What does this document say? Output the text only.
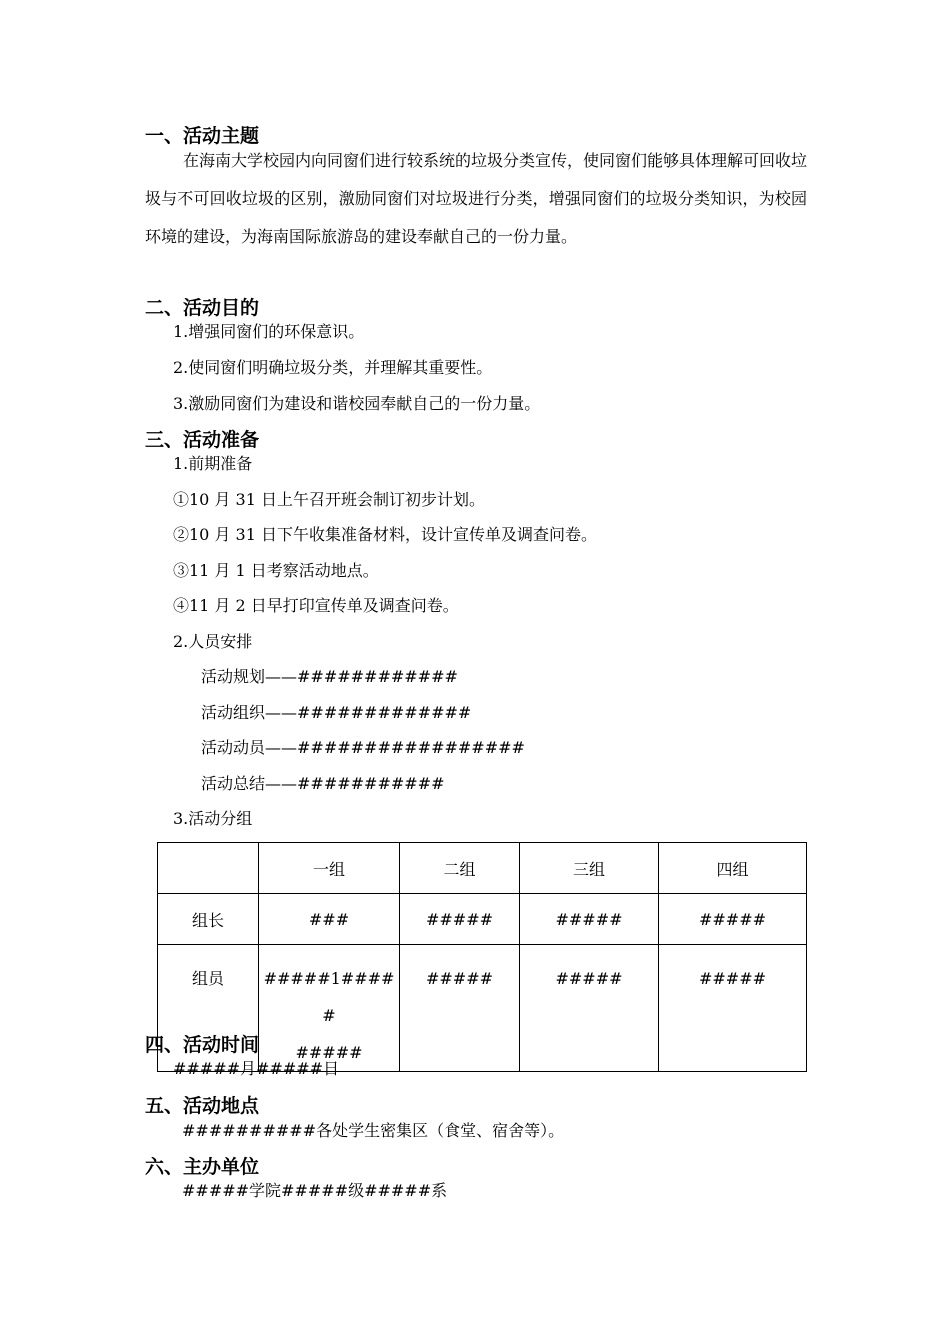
一、活动主题

在海南大学校园内向同窗们进行较系统的垃圾分类宣传，使同窗们能够具体理解可回收垃圾与不可回收垃圾的区别，激励同窗们对垃圾进行分类，增强同窗们的垃圾分类知识，为校园环境的建设，为海南国际旅游岛的建设奉献自己的一份力量。

二、活动目的
1.增强同窗们的环保意识。
2.使同窗们明确垃圾分类，并理解其重要性。
3.激励同窗们为建设和谐校园奉献自己的一份力量。
三、活动准备
1.前期准备
①10 月 31 日上午召开班会制订初步计划。
②10 月 31 日下午收集准备材料，设计宣传单及调查问卷。
③11 月 1 日考察活动地点。
④11 月 2 日早打印宣传单及调查问卷。
2.人员安排
活动规划——############
活动组织——#############
活动动员——#################
活动总结——###########
3.活动分组
	一组	二组	三组	四组
组长	###	#####	#####	#####
组员	#####1#####
#####	#####	#####	#####
四、活动时间
#####月#####日
五、活动地点
##########各处学生密集区（食堂、宿舍等）。
六、主办单位
#####学院#####级#####系
